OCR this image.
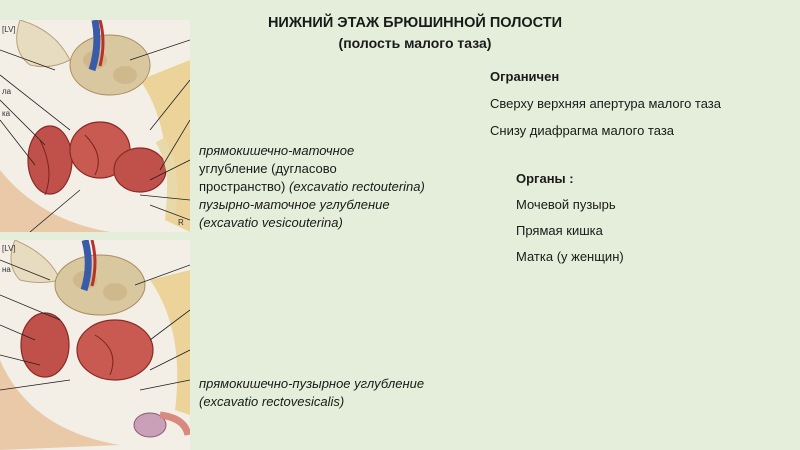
[LV]
ла
ка
R
[LV]
на
НИЖНИЙ ЭТАЖ БРЮШИННОЙ ПОЛОСТИ
(полость малого таза)
Ограничен
Сверху верхняя апертура малого таза
Снизу диафрагма малого таза
Органы :
Мочевой пузырь
Прямая кишка
Матка (у женщин)
прямокишечно-маточное
углубление (дугласово
пространство) (excavatio rectouterina)
пузырно-маточное углубление
(excavatio vesicouterina)
прямокишечно-пузырное углубление
(excavatio rectovesicalis)
